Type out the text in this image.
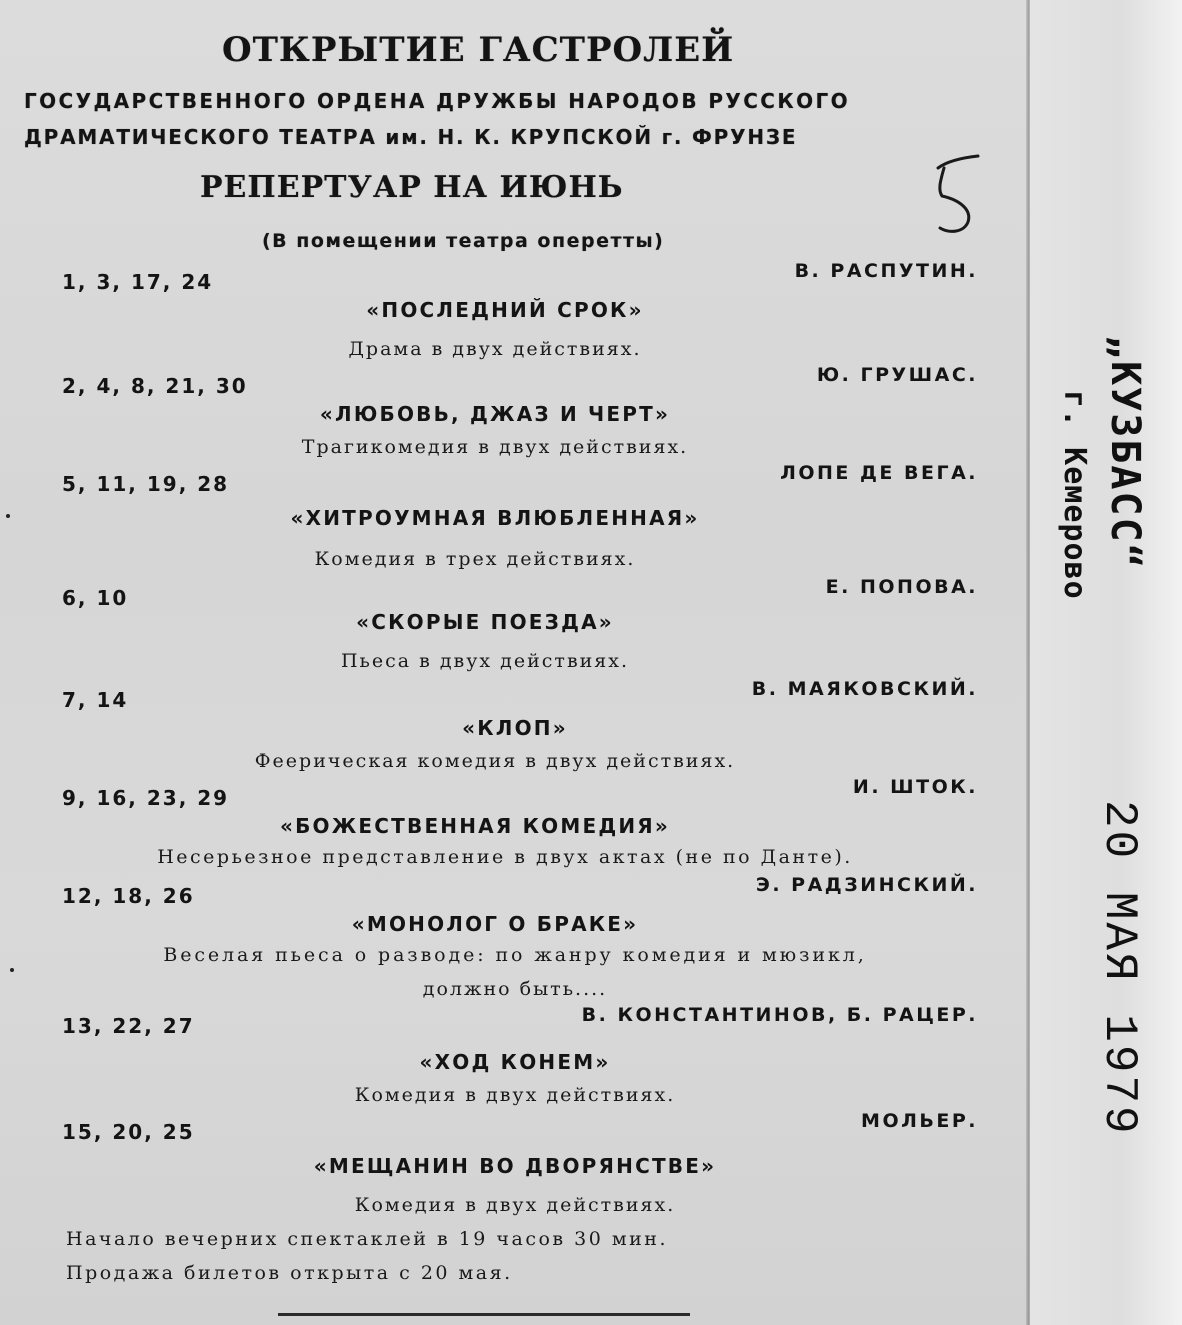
ᅠ
ОТКРЫТИЕ ГАСТРОЛЕЙ
ГОСУДАРСТВЕННОГО ОРДЕНА ДРУЖБЫ НАРОДОВ РУССКОГО
ДРАМАТИЧЕСКОГО ТЕАТРА им. Н. К. КРУПСКОЙ г. ФРУНЗЕ
РЕПЕРТУАР НА ИЮНЬ
(В помещении театра оперетты)
1, 3, 17, 24	В. РАСПУТИН.
«ПОСЛЕДНИЙ СРОК»
Драма в двух действиях.
2, 4, 8, 21, 30	Ю. ГРУШАС.
«ЛЮБОВЬ, ДЖАЗ И ЧЕРТ»
Трагикомедия в двух действиях.
5, 11, 19, 28	ЛОПЕ ДЕ ВЕГА.
«ХИТРОУМНАЯ ВЛЮБЛЕННАЯ»
Комедия в трех действиях.
6, 10	Е. ПОПОВА.
«СКОРЫЕ ПОЕЗДА»
Пьеса в двух действиях.
7, 14	В. МАЯКОВСКИЙ.
«КЛОП»
Феерическая комедия в двух действиях.
9, 16, 23, 29	И. ШТОК.
«БОЖЕСТВЕННАЯ КОМЕДИЯ»
Несерьезное представление в двух актах (не по Данте).
12, 18, 26	Э. РАДЗИНСКИЙ.
«МОНОЛОГ О БРАКЕ»
Веселая пьеса о разводе: по жанру комедия и мюзикл,
должно быть....
13, 22, 27	В. КОНСТАНТИНОВ, Б. РАЦЕР.
«ХОД КОНЕМ»
Комедия в двух действиях.
15, 20, 25	МОЛЬЕР.
«МЕЩАНИН ВО ДВОРЯНСТВЕ»
Комедия в двух действиях.
Начало вечерних спектаклей в 19 часов 30 мин.
Продажа билетов открыта с 20 мая.
„КУЗБАСС“
г. Кемерово
20 МАЯ 1979
